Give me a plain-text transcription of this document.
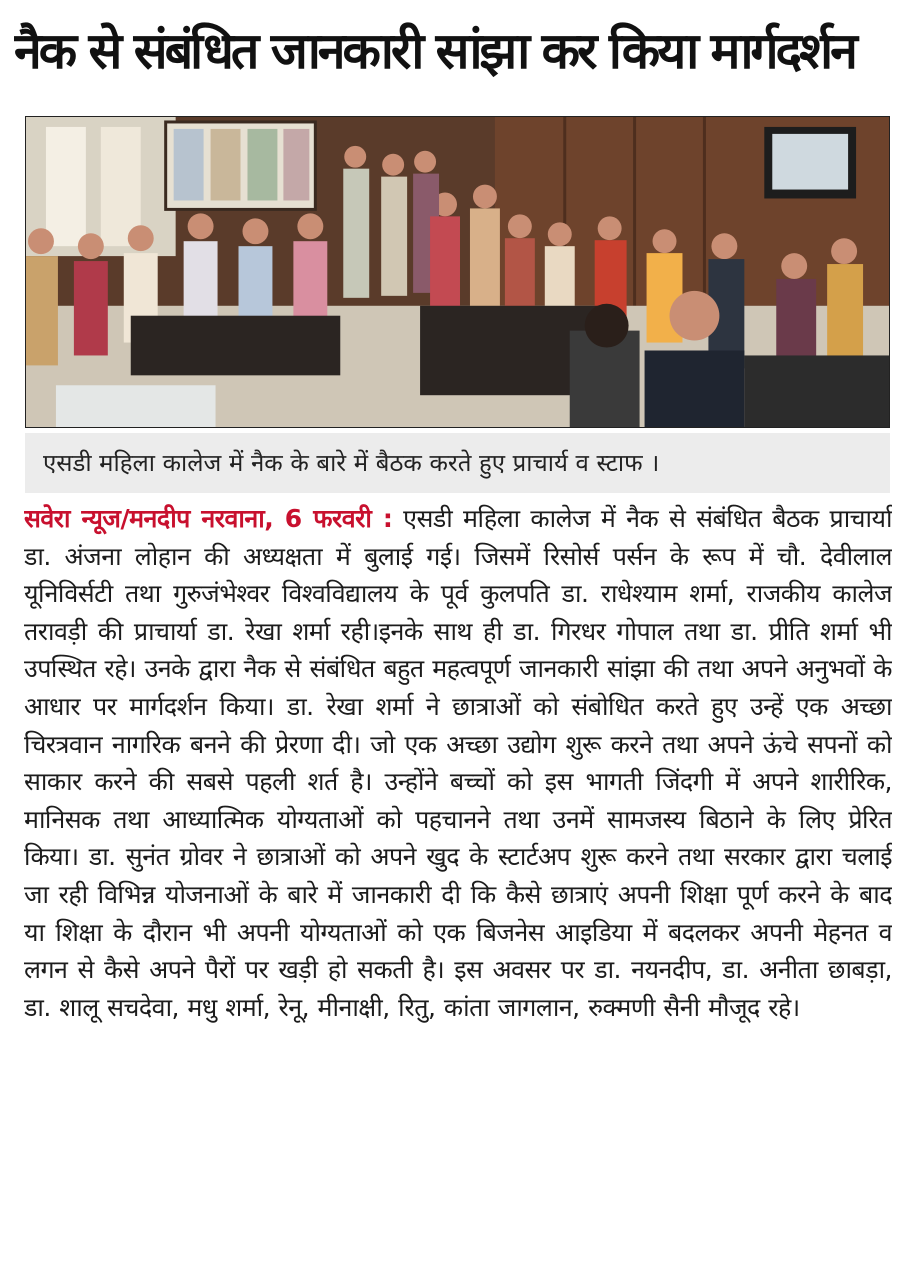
नैक से संबंधित जानकारी सांझा कर किया मार्गदर्शन
एसडी महिला कालेज में नैक के बारे में बैठक करते हुए प्राचार्य व स्टाफ ।

सवेरा न्यूज/मनदीप नरवाना, 6 फरवरी : एसडी महिला कालेज में नैक से संबंधित बैठक प्राचार्या डा. अंजना लोहान की अध्यक्षता में बुलाई गई। जिसमें रिसोर्स पर्सन के रूप में चौ. देवीलाल यूनिविर्सटी तथा गुरुजंभेश्वर विश्वविद्यालय के पूर्व कुलपति डा. राधेश्याम शर्मा, राजकीय कालेज तरावड़ी की प्राचार्या डा. रेखा शर्मा रही।इनके साथ ही डा. गिरधर गोपाल तथा डा. प्रीति शर्मा भी उपस्थित रहे। उनके द्वारा नैक से संबंधित बहुत महत्वपूर्ण जानकारी सांझा की तथा अपने अनुभवों के आधार पर मार्गदर्शन किया। डा. रेखा शर्मा ने छात्राओं को संबोधित करते हुए उन्हें एक अच्छा चिरत्रवान नागरिक बनने की प्रेरणा दी। जो एक अच्छा उद्योग शुरू करने तथा अपने ऊंचे सपनों को साकार करने की सबसे पहली शर्त है। उन्होंने बच्चों को इस भागती जिंदगी में अपने शारीरिक, मानिसक तथा आध्यात्मिक योग्यताओं को पहचानने तथा उनमें सामजस्य बिठाने के लिए प्रेरित किया। डा. सुनंत ग्रोवर ने छात्राओं को अपने खुद के स्टार्टअप शुरू करने तथा सरकार द्वारा चलाई जा रही विभिन्न योजनाओं के बारे में जानकारी दी कि कैसे छात्राएं अपनी शिक्षा पूर्ण करने के बाद या शिक्षा के दौरान भी अपनी योग्यताओं को एक बिजनेस आइडिया में बदलकर अपनी मेहनत व लगन से कैसे अपने पैरों पर खड़ी हो सकती है। इस अवसर पर डा. नयनदीप, डा. अनीता छाबड़ा, डा. शालू सचदेवा, मधु शर्मा, रेनू, मीनाक्षी, रितु, कांता जागलान, रुक्मणी सैनी मौजूद रहे।
